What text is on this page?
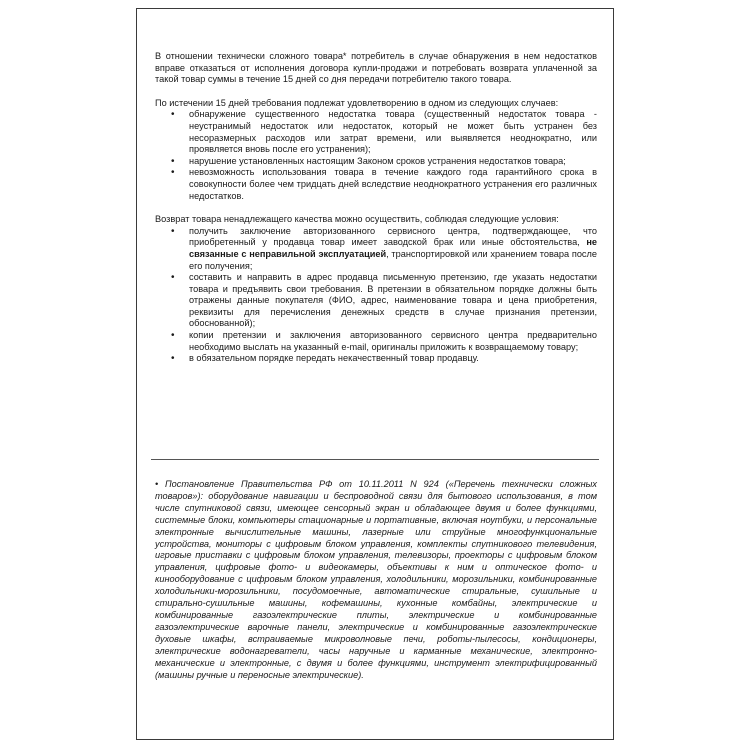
В отношении технически сложного товара* потребитель в случае обнаружения в нем недостатков вправе отказаться от исполнения договора купли-продажи и потребовать возврата уплаченной за такой товар суммы в течение 15 дней со дня передачи потребителю такого товара.

По истечении 15 дней требования подлежат удовлетворению в одном из следующих случаев:

• обнаружение существенного недостатка товара (существенный недостаток товара - неустранимый недостаток или недостаток, который не может быть устранен без несоразмерных расходов или затрат времени, или выявляется неоднократно, или проявляется вновь после его устранения);
• нарушение установленных настоящим Законом сроков устранения недостатков товара;
• невозможность использования товара в течение каждого года гарантийного срока в совокупности более чем тридцать дней вследствие неоднократного устранения его различных недостатков.

Возврат товара ненадлежащего качества можно осуществить, соблюдая следующие условия:

• получить заключение авторизованного сервисного центра, подтверждающее, что приобретенный у продавца товар имеет заводской брак или иные обстоятельства, не связанные с неправильной эксплуатацией, транспортировкой или хранением товара после его получения;
• составить и направить в адрес продавца письменную претензию, где указать недостатки товара и предъявить свои требования. В претензии в обязательном порядке должны быть отражены данные покупателя (ФИО, адрес, наименование товара и цена приобретения, реквизиты для перечисления денежных средств в случае признания претензии, обоснованной);
• копии претензии и заключения авторизованного сервисного центра предварительно необходимо выслать на указанный e-mail, оригиналы приложить к возвращаемому товару;
• в обязательном порядке передать некачественный товар продавцу.
• Постановление Правительства РФ от 10.11.2011 N 924 («Перечень технически сложных товаров»): оборудование навигации и беспроводной связи для бытового использования, в том числе спутниковой связи, имеющее сенсорный экран и обладающее двумя и более функциями, системные блоки, компьютеры стационарные и портативные, включая ноутбуки, и персональные электронные вычислительные машины, лазерные или струйные многофункциональные устройства, мониторы с цифровым блоком управления, комплекты спутникового телевидения, игровые приставки с цифровым блоком управления, телевизоры, проекторы с цифровым блоком управления, цифровые фото- и видеокамеры, объективы к ним и оптическое фото- и кинооборудование с цифровым блоком управления, холодильники, морозильники, комбинированные холодильники-морозильники, посудомоечные, автоматические стиральные, сушильные и стирально-сушильные машины, кофемашины, кухонные комбайны, электрические и комбинированные газоэлектрические плиты, электрические и комбинированные газоэлектрические варочные панели, электрические и комбинированные газоэлектрические духовые шкафы, встраиваемые микроволновые печи, роботы-пылесосы, кондиционеры, электрические водонагреватели, часы наручные и карманные механические, электронно-механические и электронные, с двумя и более функциями, инструмент электрифицированный (машины ручные и переносные электрические).
